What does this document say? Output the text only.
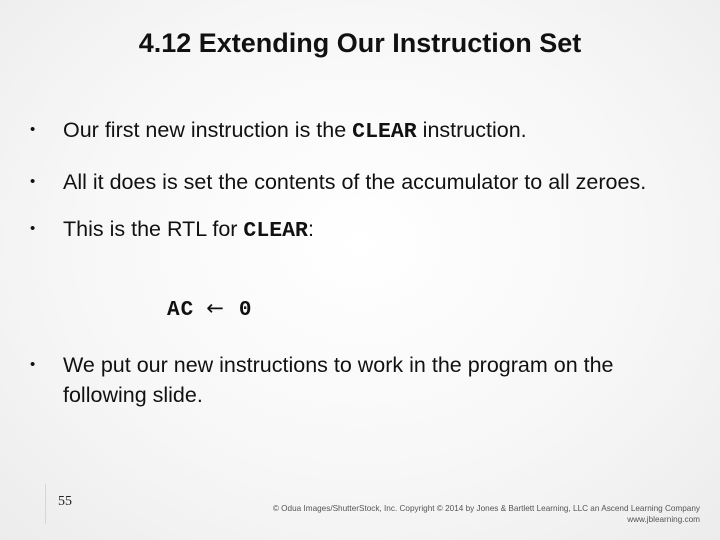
4.12 Extending Our Instruction Set
• Our first new instruction is the CLEAR instruction.
• All it does is set the contents of the accumulator to all zeroes.
• This is the RTL for CLEAR:
AC ← 0
• We put our new instructions to work in the program on the following slide.
55	© Odua Images/ShutterStock, Inc. Copyright © 2014 by Jones & Bartlett Learning, LLC an Ascend Learning Company
www.jblearning.com
